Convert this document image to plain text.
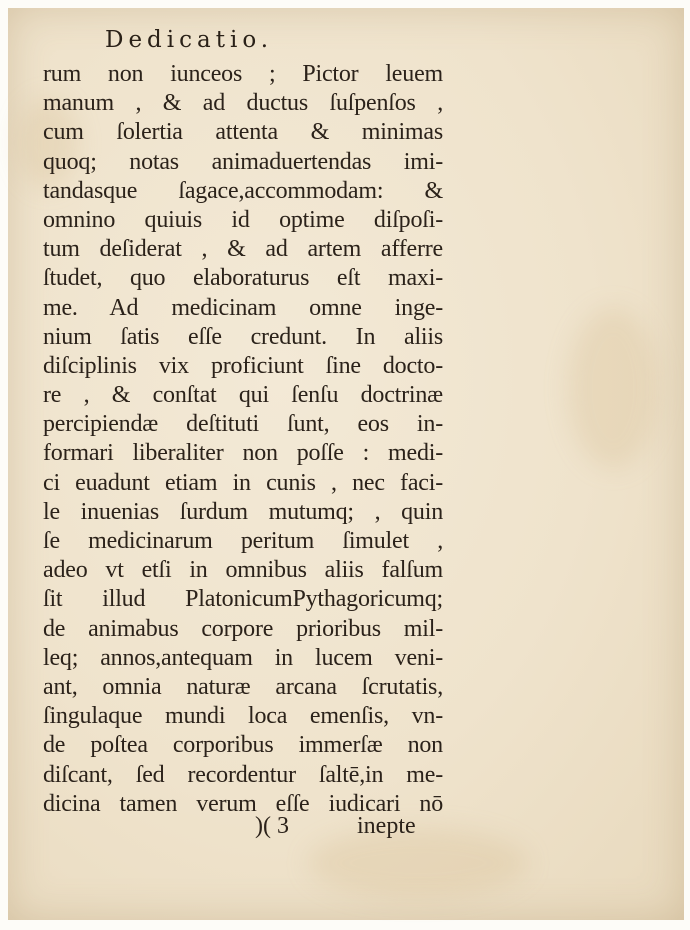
Dedicatio.
rum non iunceos ; Pictor leuem
manum , & ad ductus ſuſpenſos ,
cum ſolertia attenta & minimas
quoq; notas animaduertendas imi-
tandasque ſagace,accommodam: &
omnino quiuis id optime diſpoſi-
tum deſiderat , & ad artem afferre
ſtudet, quo elaboraturus eſt maxi-
me. Ad medicinam omne inge-
nium ſatis eſſe credunt. In aliis
diſciplinis vix proficiunt ſine docto-
re , & conſtat qui ſenſu doctrinæ
percipiendæ deſtituti ſunt, eos in-
formari liberaliter non poſſe : medi-
ci euadunt etiam in cunis , nec faci-
le inuenias ſurdum mutumq; , quin
ſe medicinarum peritum ſimulet ,
adeo vt etſi in omnibus aliis falſum
ſit illud PlatonicumPythagoricumq;
de animabus corpore prioribus mil-
leq; annos,antequam in lucem veni-
ant, omnia naturæ arcana ſcrutatis,
ſingulaque mundi loca emenſis, vn-
de poſtea corporibus immerſæ non
diſcant, ſed recordentur ſaltē,in me-
dicina tamen verum eſſe iudicari nō
)( 3	inepte
